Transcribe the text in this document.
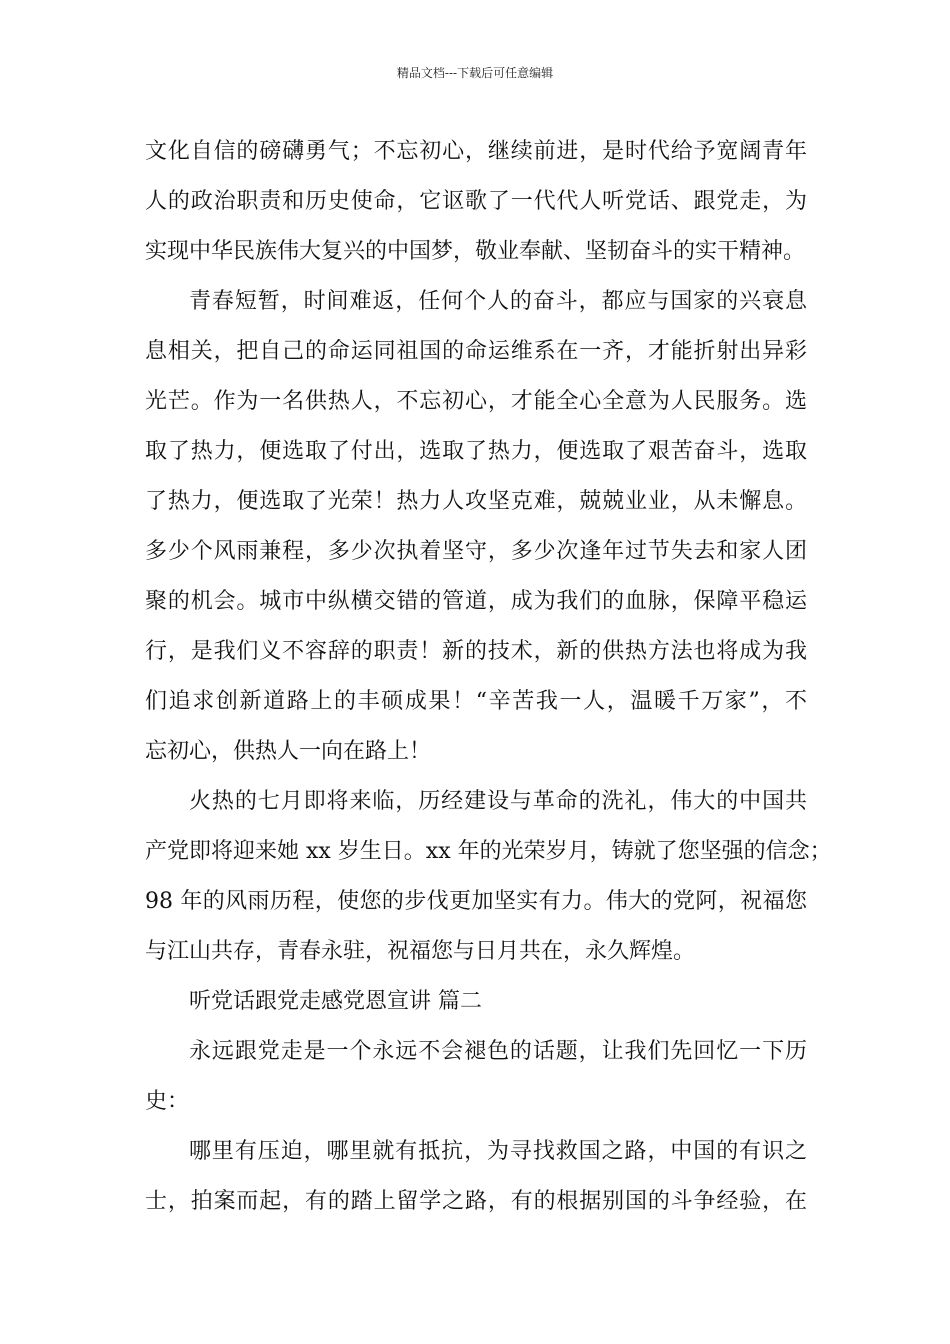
精品文档---下载后可任意编辑
文化自信的磅礴勇气；不忘初心，继续前进，是时代给予宽阔青年
人的政治职责和历史使命，它讴歌了一代代人听党话、跟党走，为
实现中华民族伟大复兴的中国梦，敬业奉献、坚韧奋斗的实干精神。
青春短暂，时间难返，任何个人的奋斗，都应与国家的兴衰息
息相关，把自己的命运同祖国的命运维系在一齐，才能折射出异彩
光芒。作为一名供热人，不忘初心，才能全心全意为人民服务。选
取了热力，便选取了付出，选取了热力，便选取了艰苦奋斗，选取
了热力，便选取了光荣！热力人攻坚克难，兢兢业业，从未懈息。
多少个风雨兼程，多少次执着坚守，多少次逢年过节失去和家人团
聚的机会。城市中纵横交错的管道，成为我们的血脉，保障平稳运
行，是我们义不容辞的职责！新的技术，新的供热方法也将成为我
们追求创新道路上的丰硕成果！“辛苦我一人，温暖千万家”，不
忘初心，供热人一向在路上！
火热的七月即将来临，历经建设与革命的洗礼，伟大的中国共
产党即将迎来她 xx 岁生日。xx 年的光荣岁月，铸就了您坚强的信念；
98 年的风雨历程，使您的步伐更加坚实有力。伟大的党阿，祝福您
与江山共存，青春永驻，祝福您与日月共在，永久辉煌。
听党话跟党走感党恩宣讲 篇二
永远跟党走是一个永远不会褪色的话题，让我们先回忆一下历
史：
哪里有压迫，哪里就有抵抗，为寻找救国之路，中国的有识之
士，拍案而起，有的踏上留学之路，有的根据别国的斗争经验，在
